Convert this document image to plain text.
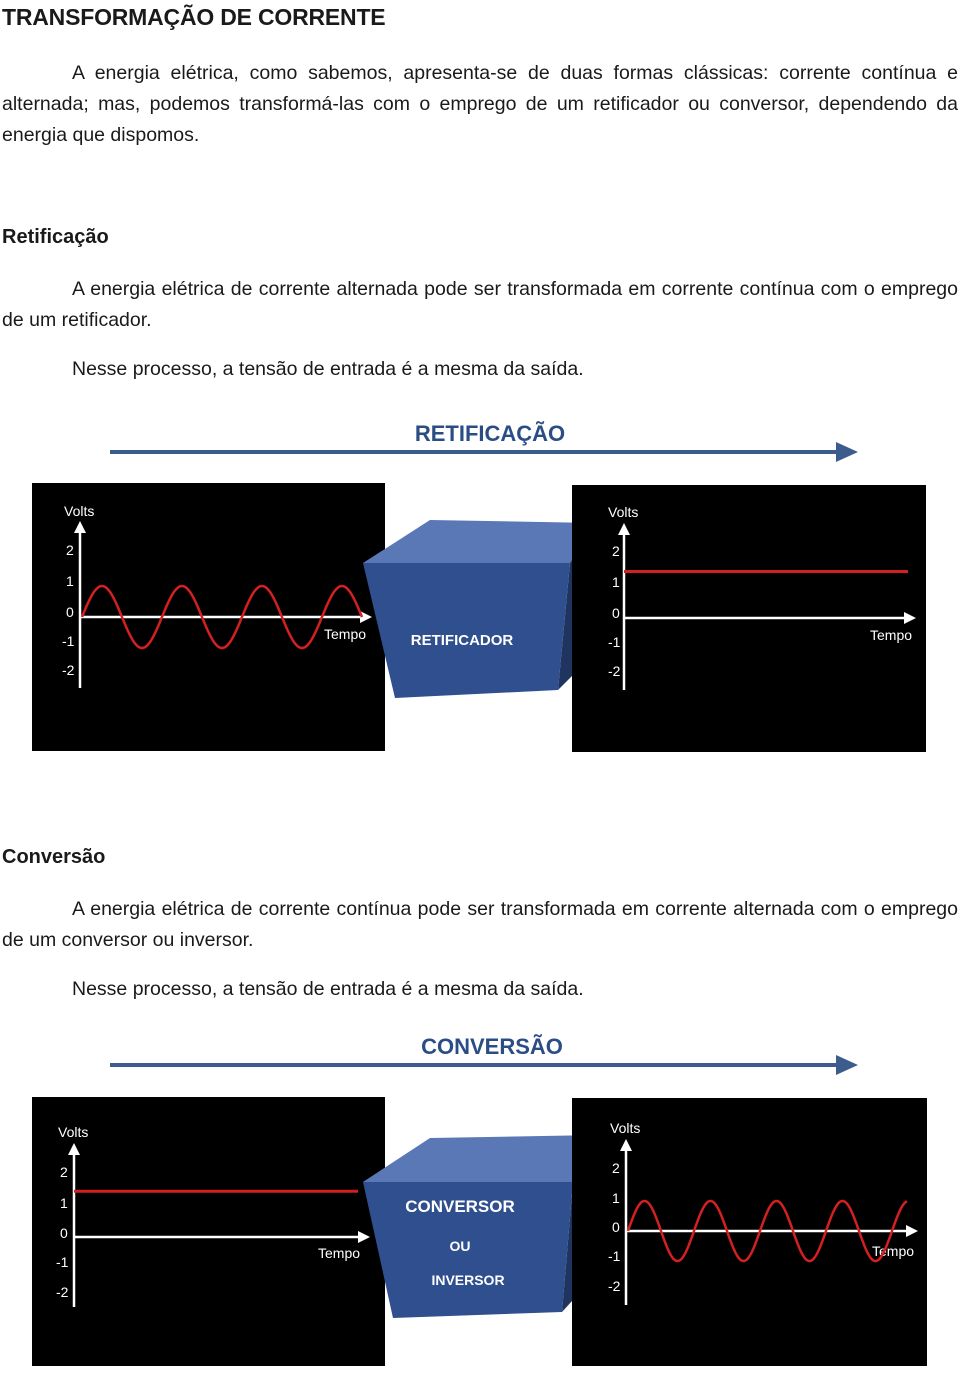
TRANSFORMAÇÃO DE CORRENTE
A energia elétrica, como sabemos, apresenta-se de duas formas clássicas: corrente contínua e alternada; mas, podemos transformá-las com o emprego de um retificador ou conversor, dependendo da energia que dispomos.
Retificação
A energia elétrica de corrente alternada pode ser transformada em corrente contínua com o emprego de um retificador.
Nesse processo, a tensão de entrada é a mesma da saída.
RETIFICAÇÃO
Volts
Tempo
2
1
0
-1
-2
RETIFICADOR
Volts
Tempo
2
1
0
-1
-2
Conversão
A energia elétrica de corrente contínua pode ser transformada em corrente alternada com o emprego de um conversor ou inversor.
Nesse processo, a tensão de entrada é a mesma da saída.
CONVERSÃO
Volts
Tempo
2
1
0
-1
-2
CONVERSOR
OU
INVERSOR
Volts
Tempo
2
1
0
-1
-2
